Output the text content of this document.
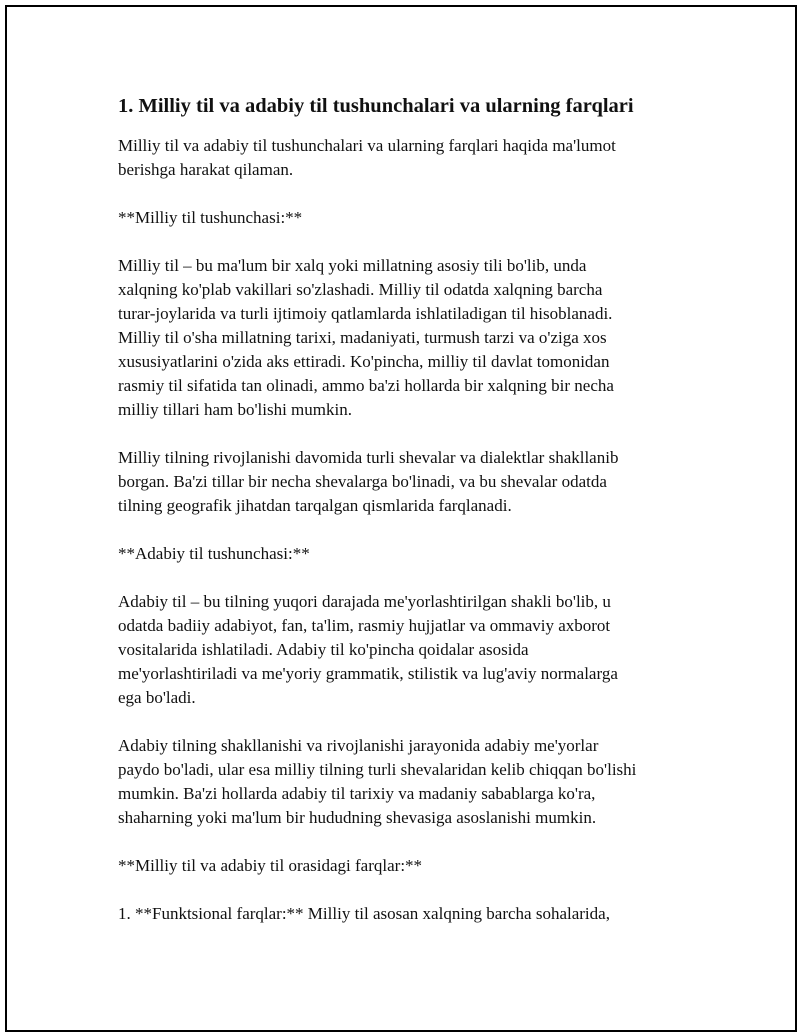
1. Milliy til va adabiy til tushunchalari va ularning farqlari
Milliy til va adabiy til tushunchalari va ularning farqlari haqida ma'lumot
berishga harakat qilaman.
**Milliy til tushunchasi:**
Milliy til – bu ma'lum bir xalq yoki millatning asosiy tili bo'lib, unda
xalqning ko'plab vakillari so'zlashadi. Milliy til odatda xalqning barcha
turar-joylarida va turli ijtimoiy qatlamlarda ishlatiladigan til hisoblanadi.
Milliy til o'sha millatning tarixi, madaniyati, turmush tarzi va o'ziga xos
xususiyatlarini o'zida aks ettiradi. Ko'pincha, milliy til davlat tomonidan
rasmiy til sifatida tan olinadi, ammo ba'zi hollarda bir xalqning bir necha
milliy tillari ham bo'lishi mumkin.
Milliy tilning rivojlanishi davomida turli shevalar va dialektlar shakllanib
borgan. Ba'zi tillar bir necha shevalarga bo'linadi, va bu shevalar odatda
tilning geografik jihatdan tarqalgan qismlarida farqlanadi.
**Adabiy til tushunchasi:**
Adabiy til – bu tilning yuqori darajada me'yorlashtirilgan shakli bo'lib, u
odatda badiiy adabiyot, fan, ta'lim, rasmiy hujjatlar va ommaviy axborot
vositalarida ishlatiladi. Adabiy til ko'pincha qoidalar asosida
me'yorlashtiriladi va me'yoriy grammatik, stilistik va lug'aviy normalarga
ega bo'ladi.
Adabiy tilning shakllanishi va rivojlanishi jarayonida adabiy me'yorlar
paydo bo'ladi, ular esa milliy tilning turli shevalaridan kelib chiqqan bo'lishi
mumkin. Ba'zi hollarda adabiy til tarixiy va madaniy sabablarga ko'ra,
shaharning yoki ma'lum bir hududning shevasiga asoslanishi mumkin.
**Milliy til va adabiy til orasidagi farqlar:**
1. **Funktsional farqlar:** Milliy til asosan xalqning barcha sohalarida,
